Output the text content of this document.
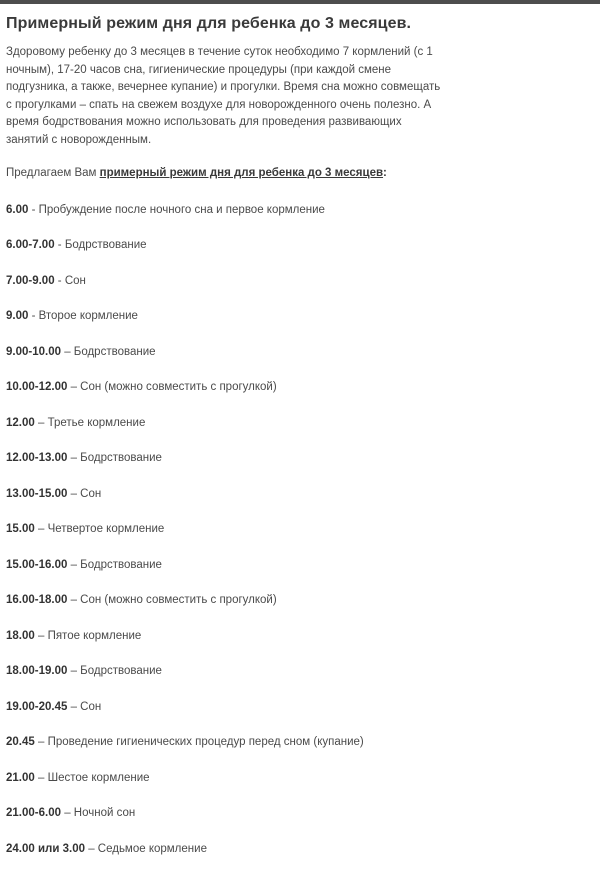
Примерный режим дня для ребенка до 3 месяцев.

Здоровому ребенку до 3 месяцев в течение суток необходимо 7 кормлений (с 1 ночным), 17-20 часов сна, гигиенические процедуры (при каждой смене подгузника, а также, вечернее купание) и прогулки. Время сна можно совмещать с прогулками – спать на свежем воздухе для новорожденного очень полезно. А время бодрствования можно использовать для проведения развивающих занятий с новорожденным.

Предлагаем Вам примерный режим дня для ребенка до 3 месяцев:

6.00 - Пробуждение после ночного сна и первое кормление
6.00-7.00 - Бодрствование
7.00-9.00 - Сон
9.00 - Второе кормление
9.00-10.00 – Бодрствование
10.00-12.00 – Сон (можно совместить с прогулкой)
12.00 – Третье кормление
12.00-13.00 – Бодрствование
13.00-15.00 – Сон
15.00 – Четвертое кормление
15.00-16.00 – Бодрствование
16.00-18.00 – Сон (можно совместить с прогулкой)
18.00 – Пятое кормление
18.00-19.00 – Бодрствование
19.00-20.45 – Сон
20.45 – Проведение гигиенических процедур перед сном (купание)
21.00 – Шестое кормление
21.00-6.00 – Ночной сон
24.00 или 3.00 – Седьмое кормление
